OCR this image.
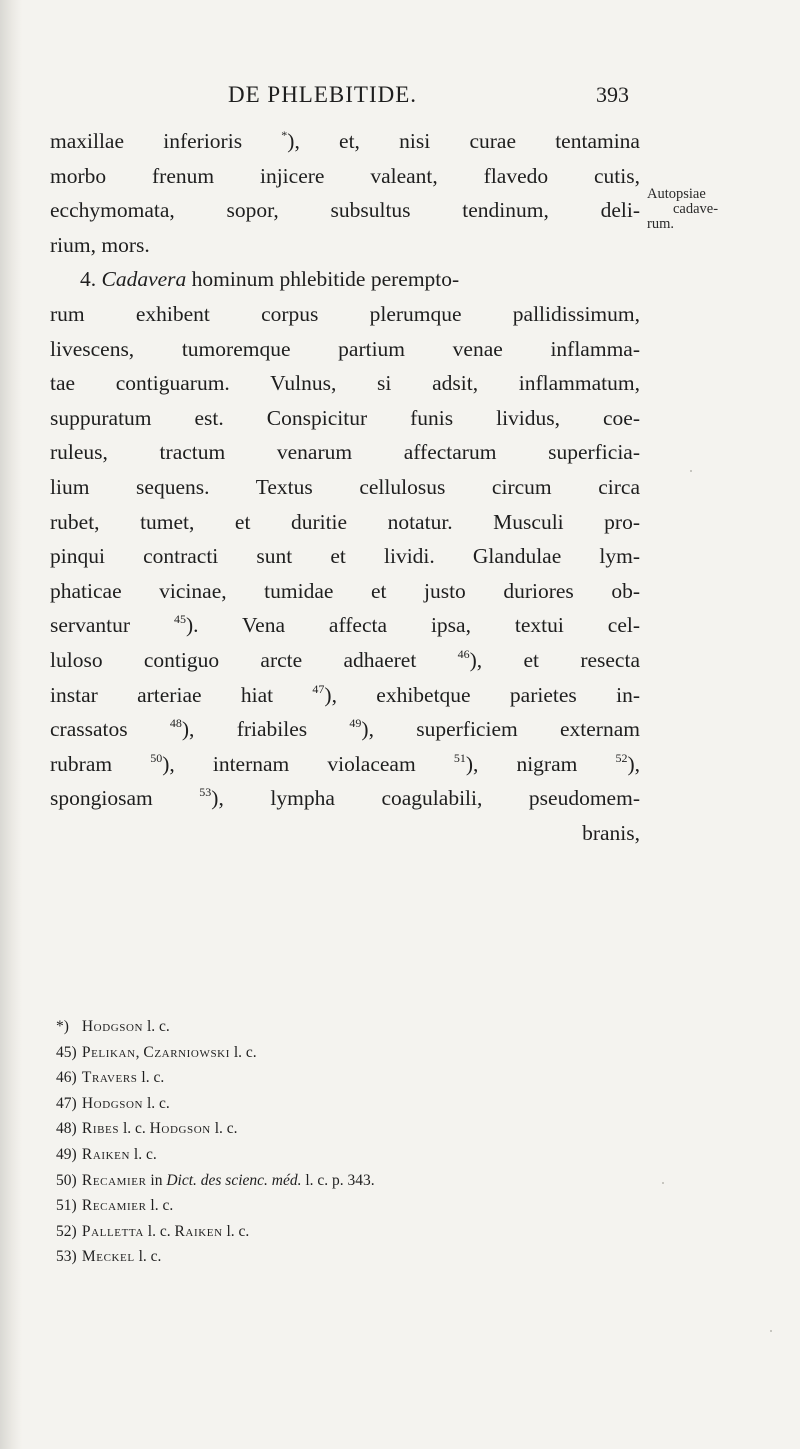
DE PHLEBITIDE.	393
Autopsiae
cadave-
rum.
maxillae inferioris *), et, nisi curae tentamina
morbo frenum injicere valeant, flavedo cutis,
ecchymomata, sopor, subsultus tendinum, deli-
rium, mors.
4. Cadavera hominum phlebitide perempto-
rum exhibent corpus plerumque pallidissimum,
livescens, tumoremque partium venae inflamma-
tae contiguarum. Vulnus, si adsit, inflammatum,
suppuratum est. Conspicitur funis lividus, coe-
ruleus, tractum venarum affectarum superficia-
lium sequens. Textus cellulosus circum circa
rubet, tumet, et duritie notatur. Musculi pro-
pinqui contracti sunt et lividi. Glandulae lym-
phaticae vicinae, tumidae et justo duriores ob-
servantur $^{45}$). Vena affecta ipsa, textui cel-
luloso contiguo arcte adhaeret $^{46}$), et resecta
instar arteriae hiat $^{47}$), exhibetque parietes in-
crassatos $^{48}$), friabiles $^{49}$), superficiem externam
rubram $^{50}$), internam violaceam $^{51}$), nigram $^{52}$),
spongiosam $^{53}$), lympha coagulabili, pseudomem-
branis,
*) Hodgson l. c.
45) Pelikan, Czarniowski l. c.
46) Travers l. c.
47) Hodgson l. c.
48) Ribes l. c. Hodgson l. c.
49) Raiken l. c.
50) Recamier in Dict. des scienc. méd. l. c. p. 343.
51) Recamier l. c.
52) Palletta l. c. Raiken l. c.
53) Meckel l. c.
